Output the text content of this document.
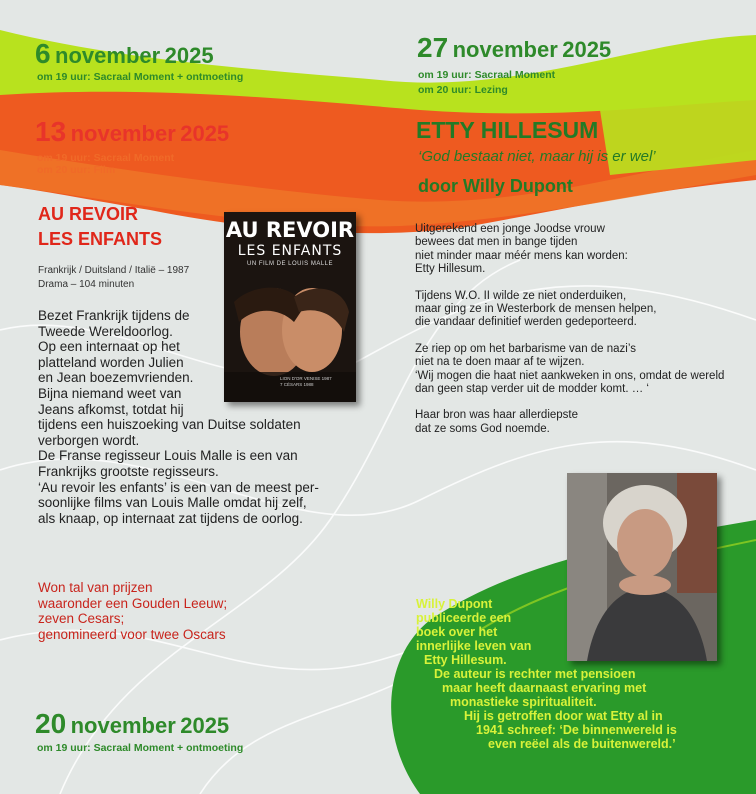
6 november 2025
om 19 uur: Sacraal Moment + ontmoeting
13 november 2025
om 19 uur: Sacraal Moment
om 20 uur: Film
AU REVOIR
LES ENFANTS
Frankrijk / Duitsland / Italië – 1987
Drama – 104 minuten
AU REVOIR
LES ENFANTS
UN FILM DE LOUIS MALLE
LION D'OR VENISE 1987
7 CÉSARS 1988
Bezet Frankrijk tijdens de
Tweede Wereldoorlog.
Op een internaat op het
platteland worden Julien
en Jean boezemvrienden.
Bijna niemand weet van
Jeans afkomst, totdat hij
tijdens een huiszoeking van Duitse soldaten
verborgen wordt.
De Franse regisseur Louis Malle is een van
Frankrijks grootste regisseurs.
‘Au revoir les enfants’ is een van de meest per-
soonlijke films van Louis Malle omdat hij zelf,
als knaap, op internaat zat tijdens de oorlog.
Won tal van prijzen
waaronder een Gouden Leeuw;
zeven Cesars;
genomineerd voor twee Oscars
20 november 2025
om 19 uur: Sacraal Moment + ontmoeting
27 november 2025
om 19 uur: Sacraal Moment
om 20 uur: Lezing
ETTY HILLESUM
‘God bestaat niet, maar hij is er wel’
door Willy Dupont
Uitgerekend een jonge Joodse vrouw
bewees dat men in bange tijden
niet minder maar méér mens kan worden:
Etty Hillesum.
Tijdens W.O. II wilde ze niet onderduiken,
maar ging ze in Westerbork de mensen helpen,
die vandaar definitief werden gedeporteerd.
Ze riep op om het barbarisme van de nazi’s
niet na te doen maar af te wijzen.
‘Wij mogen die haat niet aankweken in ons, omdat de wereld
dan geen stap verder uit de modder komt. … ‘
Haar bron was haar allerdiepste
dat ze soms God noemde.
Willy Dupont
publiceerde een
boek over het
innerlijke leven van
Etty Hillesum.
De auteur is rechter met pensioen
maar heeft daarnaast ervaring met
monastieke spiritualiteit.
Hij is getroffen door wat Etty al in
1941 schreef: ‘De binnenwereld is
even reëel als de buitenwereld.’
